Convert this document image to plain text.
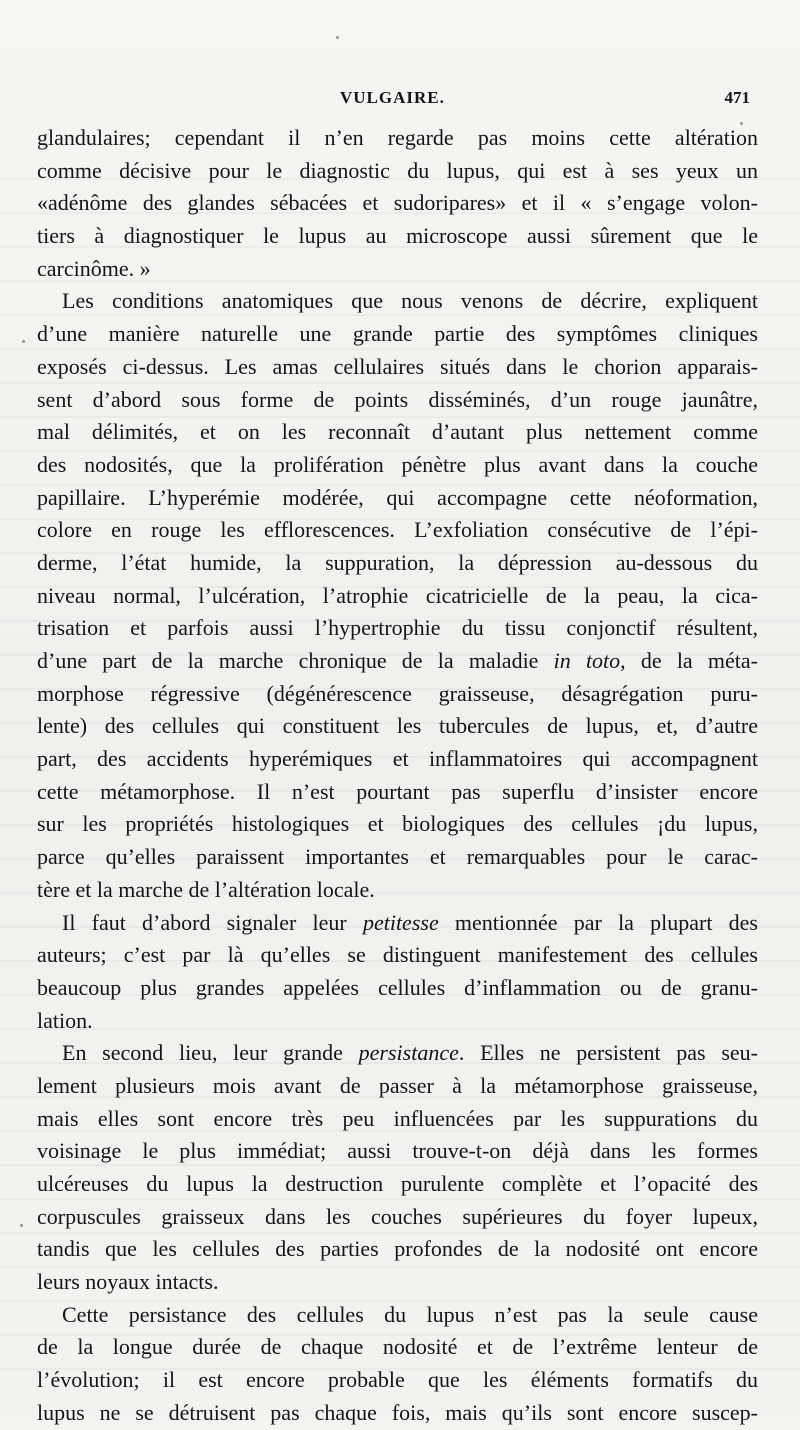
VULGAIRE.	471
glandulaires; cependant il n’en regarde pas moins cette altération
comme décisive pour le diagnostic du lupus, qui est à ses yeux un
«adénôme des glandes sébacées et sudoripares» et il « s’engage volon-
tiers à diagnostiquer le lupus au microscope aussi sûrement que le
carcinôme. »
Les conditions anatomiques que nous venons de décrire, expliquent
d’une manière naturelle une grande partie des symptômes cliniques
exposés ci-dessus. Les amas cellulaires situés dans le chorion apparais-
sent d’abord sous forme de points disséminés, d’un rouge jaunâtre,
mal délimités, et on les reconnaît d’autant plus nettement comme
des nodosités, que la prolifération pénètre plus avant dans la couche
papillaire. L’hyperémie modérée, qui accompagne cette néoformation,
colore en rouge les efflorescences. L’exfoliation consécutive de l’épi-
derme, l’état humide, la suppuration, la dépression au-dessous du
niveau normal, l’ulcération, l’atrophie cicatricielle de la peau, la cica-
trisation et parfois aussi l’hypertrophie du tissu conjonctif résultent,
d’une part de la marche chronique de la maladie in toto, de la méta-
morphose régressive (dégénérescence graisseuse, désagrégation puru-
lente) des cellules qui constituent les tubercules de lupus, et, d’autre
part, des accidents hyperémiques et inflammatoires qui accompagnent
cette métamorphose. Il n’est pourtant pas superflu d’insister encore
sur les propriétés histologiques et biologiques des cellules ¡du lupus,
parce qu’elles paraissent importantes et remarquables pour le carac-
tère et la marche de l’altération locale.
Il faut d’abord signaler leur petitesse mentionnée par la plupart des
auteurs; c’est par là qu’elles se distinguent manifestement des cellules
beaucoup plus grandes appelées cellules d’inflammation ou de granu-
lation.
En second lieu, leur grande persistance. Elles ne persistent pas seu-
lement plusieurs mois avant de passer à la métamorphose graisseuse,
mais elles sont encore très peu influencées par les suppurations du
voisinage le plus immédiat; aussi trouve-t-on déjà dans les formes
ulcéreuses du lupus la destruction purulente complète et l’opacité des
corpuscules graisseux dans les couches supérieures du foyer lupeux,
tandis que les cellules des parties profondes de la nodosité ont encore
leurs noyaux intacts.
Cette persistance des cellules du lupus n’est pas la seule cause
de la longue durée de chaque nodosité et de l’extrême lenteur de
l’évolution; il est encore probable que les éléments formatifs du
lupus ne se détruisent pas chaque fois, mais qu’ils sont encore suscep-
